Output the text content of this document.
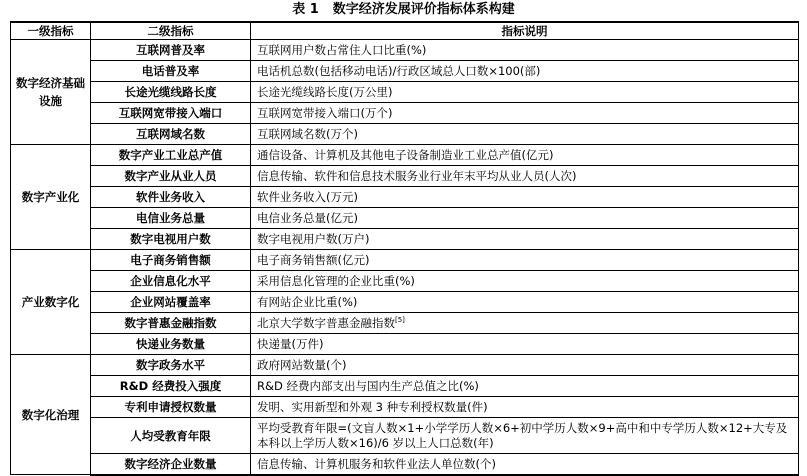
表 1 数字经济发展评价指标体系构建
一级指标	二级指标	指标说明
数字经济基础设施	互联网普及率	互联网用户数占常住人口比重(%)
	电话普及率	电话机总数(包括移动电话)/行政区域总人口数×100(部)
	长途光缆线路长度	长途光缆线路长度(万公里)
	互联网宽带接入端口	互联网宽带接入端口(万个)
	互联网域名数	互联网域名数(万个)
数字产业化	数字产业工业总产值	通信设备、计算机及其他电子设备制造业工业总产值(亿元)
	数字产业从业人员	信息传输、软件和信息技术服务业行业年末平均从业人员(人次)
	软件业务收入	软件业务收入(万元)
	电信业务总量	电信业务总量(亿元)
	数字电视用户数	数字电视用户数(万户)
产业数字化	电子商务销售额	电子商务销售额(亿元)
	企业信息化水平	采用信息化管理的企业比重(%)
	企业网站覆盖率	有网站企业比重(%)
	数字普惠金融指数	北京大学数字普惠金融指数[5]
	快递业务数量	快递量(万件)
数字化治理	数字政务水平	政府网站数量(个)
	R&D 经费投入强度	R&D 经费内部支出与国内生产总值之比(%)
	专利申请授权数量	发明、实用新型和外观 3 种专利授权数量(件)
	人均受教育年限	平均受教育年限=(文盲人数×1+小学学历人数×6+初中学历人数×9+高中和中专学历人数×12+大专及本科以上学历人数×16)/6 岁以上人口总数(年)
	数字经济企业数量	信息传输、计算机服务和软件业法人单位数(个)
